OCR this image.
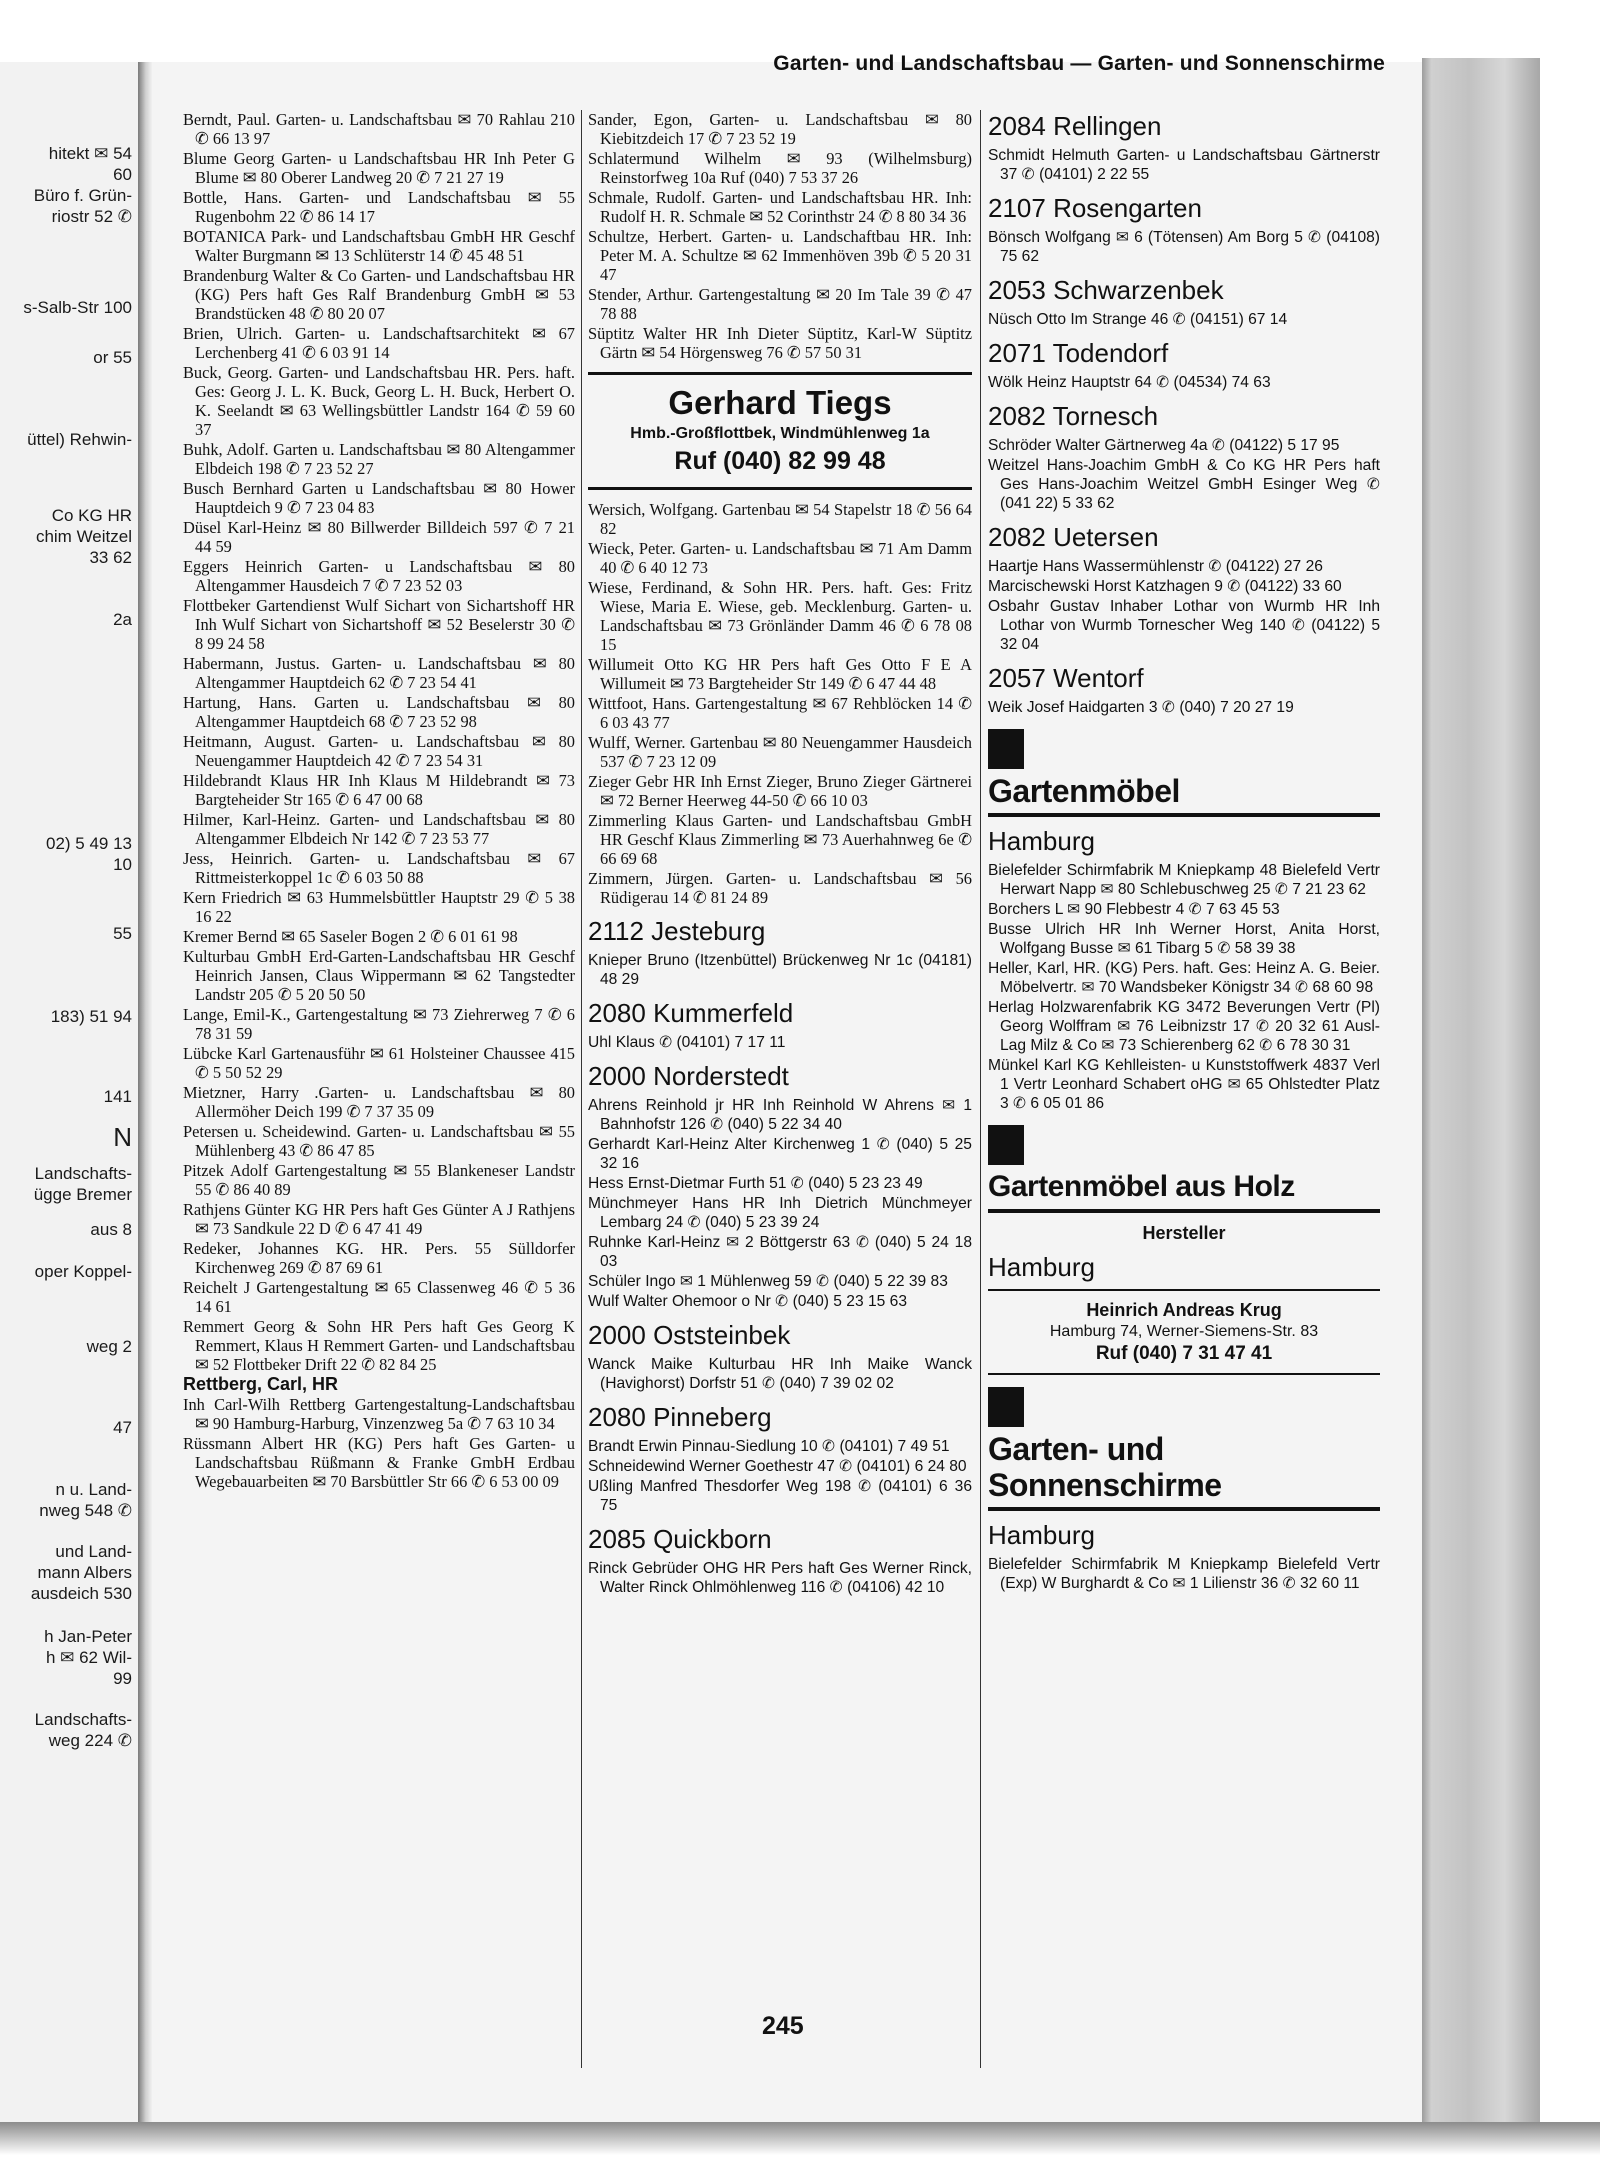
hitekt ✉ 54
60
Büro f. Grün-
riostr 52 ✆
s-Salb-Str 100
or 55
üttel) Rehwin-
Co KG HR
chim Weitzel
33 62
2a
02) 5 49 13
10
55
183) 51 94
141
N
Landschafts-
ügge Bremer
aus 8
oper Koppel-
weg 2
47
n u. Land-
nweg 548 ✆
und Land-
mann Albers
ausdeich 530
h Jan-Peter
h ✉ 62 Wil-
99
Landschafts-
weg 224 ✆
Garten- und Landschaftsbau — Garten- und Sonnenschirme

Berndt, Paul. Garten- u. Landschaftsbau ✉ 70 Rahlau 210 ✆ 66 13 97

Blume Georg Garten- u Landschaftsbau HR Inh Peter G Blume ✉ 80 Oberer Landweg 20 ✆ 7 21 27 19

Bottle, Hans. Garten- und Landschaftsbau ✉ 55 Rugenbohm 22 ✆ 86 14 17

BOTANICA Park- und Landschaftsbau GmbH HR Geschf Walter Burgmann ✉ 13 Schlüterstr 14 ✆ 45 48 51

Brandenburg Walter & Co Garten- und Landschaftsbau HR (KG) Pers haft Ges Ralf Brandenburg GmbH ✉ 53 Brandstücken 48 ✆ 80 20 07

Brien, Ulrich. Garten- u. Landschaftsarchitekt ✉ 67 Lerchenberg 41 ✆ 6 03 91 14

Buck, Georg. Garten- und Landschaftsbau HR. Pers. haft. Ges: Georg J. L. K. Buck, Georg L. H. Buck, Herbert O. K. Seelandt ✉ 63 Wellingsbüttler Landstr 164 ✆ 59 60 37

Buhk, Adolf. Garten u. Landschaftsbau ✉ 80 Altengammer Elbdeich 198 ✆ 7 23 52 27

Busch Bernhard Garten u Landschaftsbau ✉ 80 Hower Hauptdeich 9 ✆ 7 23 04 83

Düsel Karl-Heinz ✉ 80 Billwerder Billdeich 597 ✆ 7 21 44 59

Eggers Heinrich Garten- u Landschaftsbau ✉ 80 Altengammer Hausdeich 7 ✆ 7 23 52 03

Flottbeker Gartendienst Wulf Sichart von Sichartshoff HR Inh Wulf Sichart von Sichartshoff ✉ 52 Beselerstr 30 ✆ 8 99 24 58

Habermann, Justus. Garten- u. Landschaftsbau ✉ 80 Altengammer Hauptdeich 62 ✆ 7 23 54 41

Hartung, Hans. Garten u. Landschaftsbau ✉ 80 Altengammer Hauptdeich 68 ✆ 7 23 52 98

Heitmann, August. Garten- u. Landschaftsbau ✉ 80 Neuengammer Hauptdeich 42 ✆ 7 23 54 31

Hildebrandt Klaus HR Inh Klaus M Hildebrandt ✉ 73 Bargteheider Str 165 ✆ 6 47 00 68

Hilmer, Karl-Heinz. Garten- und Landschaftsbau ✉ 80 Altengammer Elbdeich Nr 142 ✆ 7 23 53 77

Jess, Heinrich. Garten- u. Landschaftsbau ✉ 67 Rittmeisterkoppel 1c ✆ 6 03 50 88

Kern Friedrich ✉ 63 Hummelsbüttler Hauptstr 29 ✆ 5 38 16 22

Kremer Bernd ✉ 65 Saseler Bogen 2 ✆ 6 01 61 98

Kulturbau GmbH Erd-Garten-Landschaftsbau HR Geschf Heinrich Jansen, Claus Wippermann ✉ 62 Tangstedter Landstr 205 ✆ 5 20 50 50

Lange, Emil-K., Gartengestaltung ✉ 73 Ziehrerweg 7 ✆ 6 78 31 59

Lübcke Karl Gartenausführ ✉ 61 Holsteiner Chaussee 415 ✆ 5 50 52 29

Mietzner, Harry .Garten- u. Landschaftsbau ✉ 80 Allermöher Deich 199 ✆ 7 37 35 09

Petersen u. Scheidewind. Garten- u. Landschaftsbau ✉ 55 Mühlenberg 43 ✆ 86 47 85

Pitzek Adolf Gartengestaltung ✉ 55 Blankeneser Landstr 55 ✆ 86 40 89

Rathjens Günter KG HR Pers haft Ges Günter A J Rathjens ✉ 73 Sandkule 22 D ✆ 6 47 41 49

Redeker, Johannes KG. HR. Pers. 55 Sülldorfer Kirchenweg 269 ✆ 87 69 61

Reichelt J Gartengestaltung ✉ 65 Classenweg 46 ✆ 5 36 14 61

Remmert Georg & Sohn HR Pers haft Ges Georg K Remmert, Klaus H Remmert Garten- und Landschaftsbau ✉ 52 Flottbeker Drift 22 ✆ 82 84 25

Rettberg, Carl, HR

Inh Carl-Wilh Rettberg Gartengestaltung-Landschaftsbau ✉ 90 Hamburg-Harburg, Vinzenzweg 5a ✆ 7 63 10 34

Rüssmann Albert HR (KG) Pers haft Ges Garten- u Landschaftsbau Rüßmann & Franke GmbH Erdbau Wegebauarbeiten ✉ 70 Barsbüttler Str 66 ✆ 6 53 00 09

Sander, Egon, Garten- u. Landschaftsbau ✉ 80 Kiebitzdeich 17 ✆ 7 23 52 19

Schlatermund Wilhelm ✉ 93 (Wilhelmsburg) Reinstorfweg 10a Ruf (040) 7 53 37 26

Schmale, Rudolf. Garten- und Landschaftsbau HR. Inh: Rudolf H. R. Schmale ✉ 52 Corinthstr 24 ✆ 8 80 34 36

Schultze, Herbert. Garten- u. Landschaftbau HR. Inh: Peter M. A. Schultze ✉ 62 Immenhöven 39b ✆ 5 20 31 47

Stender, Arthur. Gartengestaltung ✉ 20 Im Tale 39 ✆ 47 78 88

Süptitz Walter HR Inh Dieter Süptitz, Karl-W Süptitz Gärtn ✉ 54 Hörgensweg 76 ✆ 57 50 31

Gerhard Tiegs
Hmb.-Großflottbek, Windmühlenweg 1a
Ruf (040) 82 99 48

Wersich, Wolfgang. Gartenbau ✉ 54 Stapelstr 18 ✆ 56 64 82

Wieck, Peter. Garten- u. Landschaftsbau ✉ 71 Am Damm 40 ✆ 6 40 12 73

Wiese, Ferdinand, & Sohn HR. Pers. haft. Ges: Fritz Wiese, Maria E. Wiese, geb. Mecklenburg. Garten- u. Landschaftsbau ✉ 73 Grönländer Damm 46 ✆ 6 78 08 15

Willumeit Otto KG HR Pers haft Ges Otto F E A Willumeit ✉ 73 Bargteheider Str 149 ✆ 6 47 44 48

Wittfoot, Hans. Gartengestaltung ✉ 67 Rehblöcken 14 ✆ 6 03 43 77

Wulff, Werner. Gartenbau ✉ 80 Neuengammer Hausdeich 537 ✆ 7 23 12 09

Zieger Gebr HR Inh Ernst Zieger, Bruno Zieger Gärtnerei ✉ 72 Berner Heerweg 44-50 ✆ 66 10 03

Zimmerling Klaus Garten- und Landschaftsbau GmbH HR Geschf Klaus Zimmerling ✉ 73 Auerhahnweg 6e ✆ 66 69 68

Zimmern, Jürgen. Garten- u. Landschaftsbau ✉ 56 Rüdigerau 14 ✆ 81 24 89

2112 Jesteburg

Knieper Bruno (Itzenbüttel) Brückenweg Nr 1c (04181) 48 29

2080 Kummerfeld

Uhl Klaus ✆ (04101) 7 17 11

2000 Norderstedt

Ahrens Reinhold jr HR Inh Reinhold W Ahrens ✉ 1 Bahnhofstr 126 ✆ (040) 5 22 34 40

Gerhardt Karl-Heinz Alter Kirchenweg 1 ✆ (040) 5 25 32 16

Hess Ernst-Dietmar Furth 51 ✆ (040) 5 23 23 49

Münchmeyer Hans HR Inh Dietrich Münchmeyer Lembarg 24 ✆ (040) 5 23 39 24

Ruhnke Karl-Heinz ✉ 2 Böttgerstr 63 ✆ (040) 5 24 18 03

Schüler Ingo ✉ 1 Mühlenweg 59 ✆ (040) 5 22 39 83

Wulf Walter Ohemoor o Nr ✆ (040) 5 23 15 63

2000 Oststeinbek

Wanck Maike Kulturbau HR Inh Maike Wanck (Havighorst) Dorfstr 51 ✆ (040) 7 39 02 02

2080 Pinneberg

Brandt Erwin Pinnau-Siedlung 10 ✆ (04101) 7 49 51

Schneidewind Werner Goethestr 47 ✆ (04101) 6 24 80

Ußling Manfred Thesdorfer Weg 198 ✆ (04101) 6 36 75

2085 Quickborn

Rinck Gebrüder OHG HR Pers haft Ges Werner Rinck, Walter Rinck Ohlmöhlenweg 116 ✆ (04106) 42 10

2084 Rellingen

Schmidt Helmuth Garten- u Landschaftsbau Gärtnerstr 37 ✆ (04101) 2 22 55

2107 Rosengarten

Bönsch Wolfgang ✉ 6 (Tötensen) Am Borg 5 ✆ (04108) 75 62

2053 Schwarzenbek

Nüsch Otto Im Strange 46 ✆ (04151) 67 14

2071 Todendorf

Wölk Heinz Hauptstr 64 ✆ (04534) 74 63

2082 Tornesch

Schröder Walter Gärtnerweg 4a ✆ (04122) 5 17 95

Weitzel Hans-Joachim GmbH & Co KG HR Pers haft Ges Hans-Joachim Weitzel GmbH Esinger Weg ✆ (041 22) 5 33 62

2082 Uetersen

Haartje Hans Wassermühlenstr ✆ (04122) 27 26

Marcischewski Horst Katzhagen 9 ✆ (04122) 33 60

Osbahr Gustav Inhaber Lothar von Wurmb HR Inh Lothar von Wurmb Tornescher Weg 140 ✆ (04122) 5 32 04

2057 Wentorf

Weik Josef Haidgarten 3 ✆ (040) 7 20 27 19

Gartenmöbel
Hamburg

Bielefelder Schirmfabrik M Kniepkamp 48 Bielefeld Vertr Herwart Napp ✉ 80 Schlebuschweg 25 ✆ 7 21 23 62

Borchers L ✉ 90 Flebbestr 4 ✆ 7 63 45 53

Busse Ulrich HR Inh Werner Horst, Anita Horst, Wolfgang Busse ✉ 61 Tibarg 5 ✆ 58 39 38

Heller, Karl, HR. (KG) Pers. haft. Ges: Heinz A. G. Beier. Möbelvertr. ✉ 70 Wandsbeker Königstr 34 ✆ 68 60 98

Herlag Holzwarenfabrik KG 3472 Beverungen Vertr (Pl) Georg Wolffram ✉ 76 Leibnizstr 17 ✆ 20 32 61 Ausl-Lag Milz & Co ✉ 73 Schierenberg 62 ✆ 6 78 30 31

Münkel Karl KG Kehlleisten- u Kunststoffwerk 4837 Verl 1 Vertr Leonhard Schabert oHG ✉ 65 Ohlstedter Platz 3 ✆ 6 05 01 86

Gartenmöbel aus Holz
Hersteller
Hamburg
Heinrich Andreas Krug
Hamburg 74, Werner-Siemens-Str. 83
Ruf (040) 7 31 47 41
Garten- und
Sonnenschirme
Hamburg

Bielefelder Schirmfabrik M Kniepkamp Bielefeld Vertr (Exp) W Burghardt & Co ✉ 1 Lilienstr 36 ✆ 32 60 11

245
